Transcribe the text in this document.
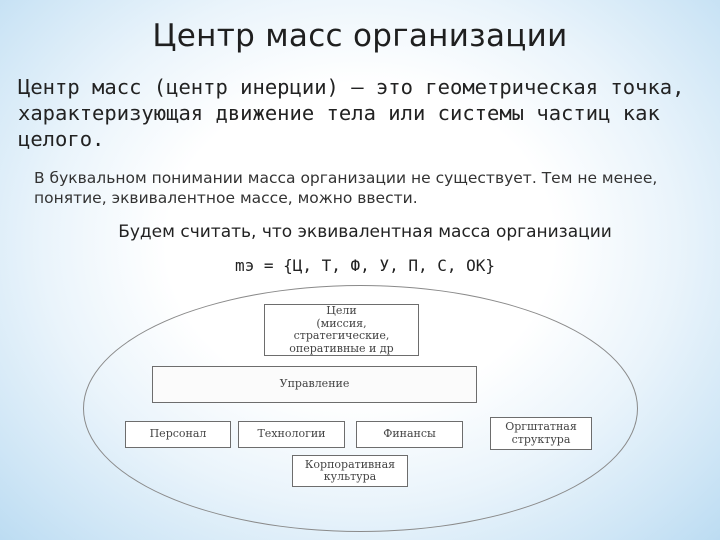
Центр масс организации
Центр масс (центр инерции) – это геометрическая точка, характеризующая движение тела или системы частиц как целого.
В буквальном понимании масса организации не существует. Тем не менее, понятие, эквивалентное массе, можно ввести.
Будем считать, что эквивалентная масса организации
mэ = {Ц, Т, Ф, У, П, С, ОК}
Цели
(миссия,
стратегические,
оперативные и др
Управление
Персонал	Технологии	Финансы
Оргштатная
структура
Корпоративная
культура
